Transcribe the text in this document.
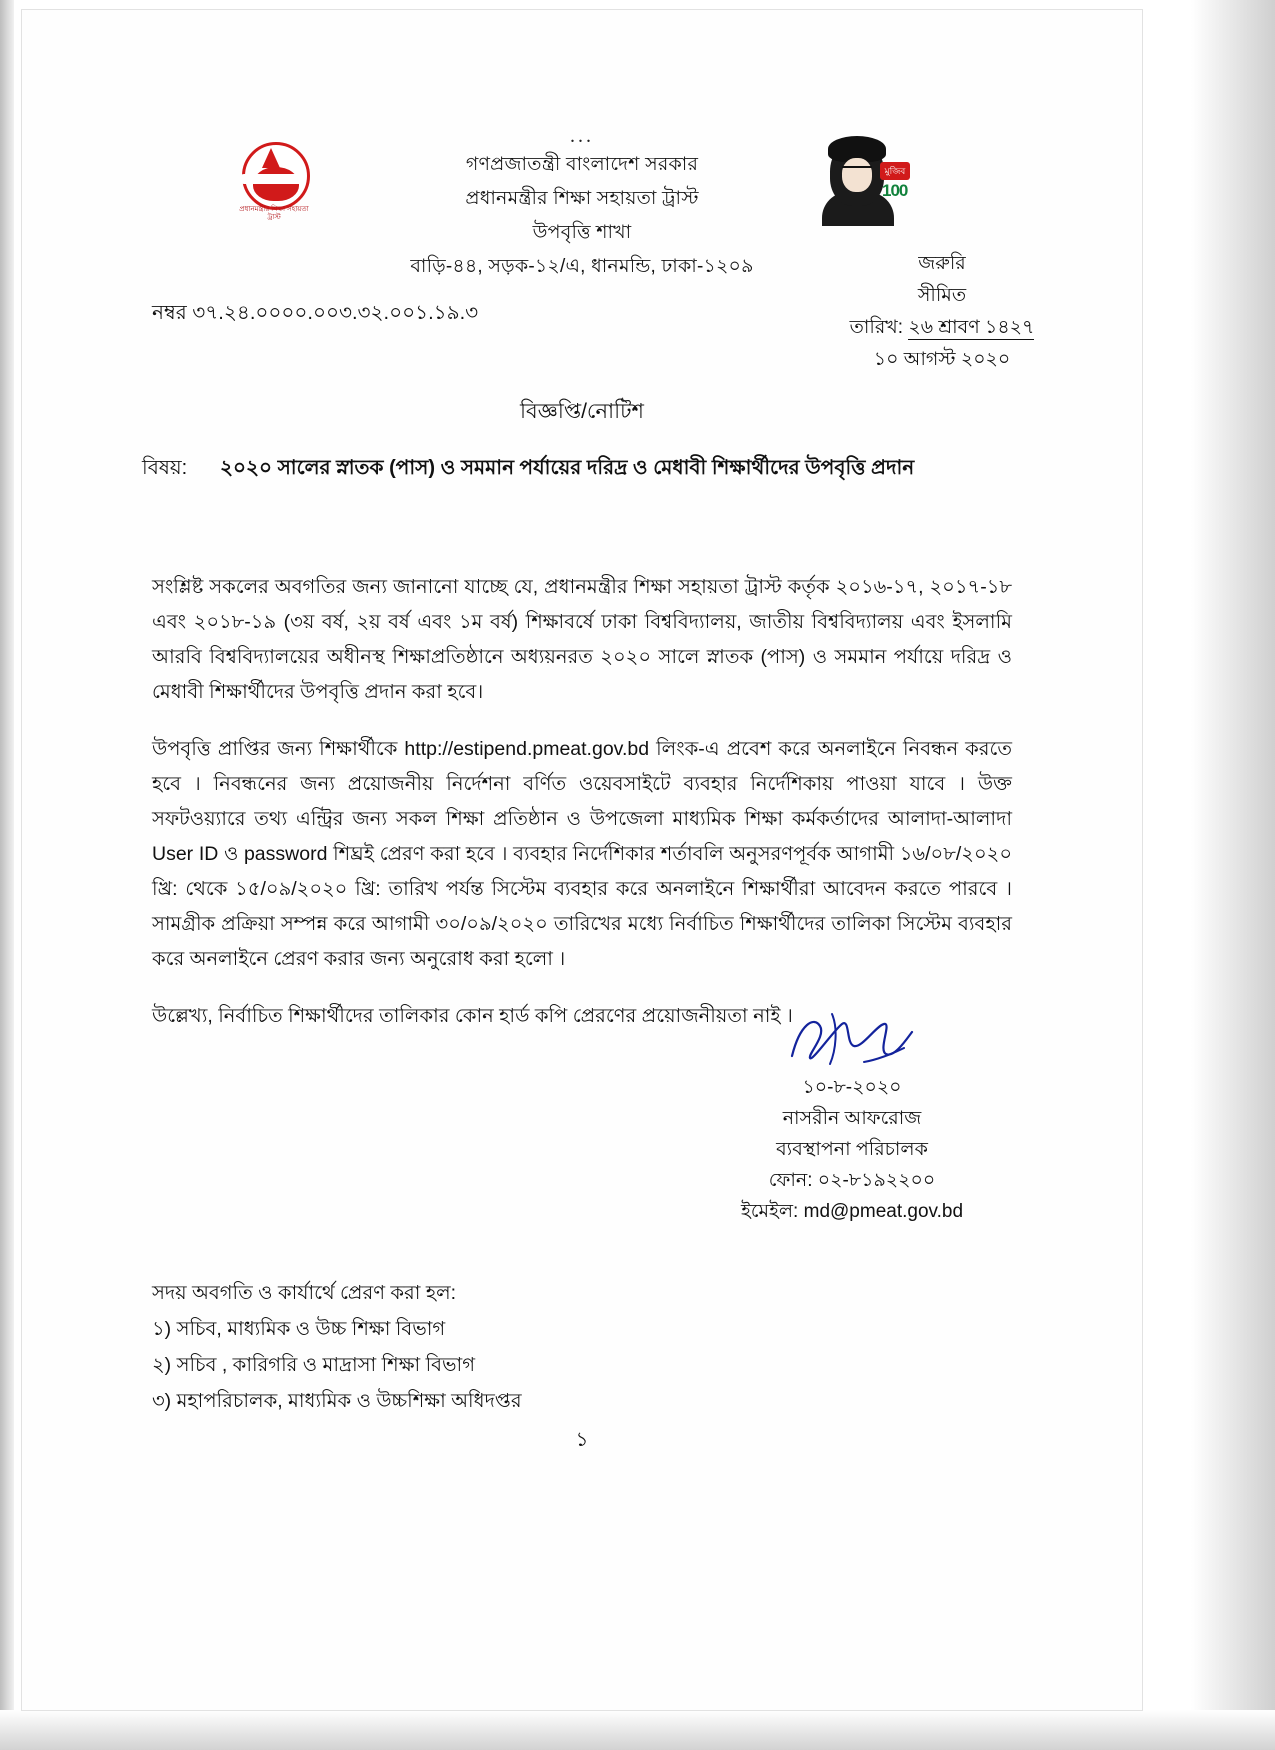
প্রধানমন্ত্রীর শিক্ষা সহায়তা ট্রাস্ট
মুজিব
100
...
গণপ্রজাতন্ত্রী বাংলাদেশ সরকার
প্রধানমন্ত্রীর শিক্ষা সহায়তা ট্রাস্ট
উপবৃত্তি শাখা
বাড়ি-৪৪, সড়ক-১২/এ, ধানমন্ডি, ঢাকা-১২০৯
নম্বর ৩৭.২৪.০০০০.০০৩.৩২.০০১.১৯.৩
জরুরি
সীমিত
তারিখ: ২৬ শ্রাবণ ১৪২৭
১০ আগস্ট ২০২০
বিজ্ঞপ্তি/নোটিশ
বিষয়: ২০২০ সালের স্নাতক (পাস) ও সমমান পর্যায়ের দরিদ্র ও মেধাবী শিক্ষার্থীদের উপবৃত্তি প্রদান

সংশ্লিষ্ট সকলের অবগতির জন্য জানানো যাচ্ছে যে, প্রধানমন্ত্রীর শিক্ষা সহায়তা ট্রাস্ট কর্তৃক ২০১৬-১৭, ২০১৭-১৮ এবং ২০১৮-১৯ (৩য় বর্ষ, ২য় বর্ষ এবং ১ম বর্ষ) শিক্ষাবর্ষে ঢাকা বিশ্ববিদ্যালয়, জাতীয় বিশ্ববিদ্যালয় এবং ইসলামি আরবি বিশ্ববিদ্যালয়ের অধীনস্থ শিক্ষাপ্রতিষ্ঠানে অধ্যয়নরত ২০২০ সালে স্নাতক (পাস) ও সমমান পর্যায়ে দরিদ্র ও মেধাবী শিক্ষার্থীদের উপবৃত্তি প্রদান করা হবে।

উপবৃত্তি প্রাপ্তির জন্য শিক্ষার্থীকে http://estipend.pmeat.gov.bd লিংক-এ প্রবেশ করে অনলাইনে নিবন্ধন করতে হবে । নিবন্ধনের জন্য প্রয়োজনীয় নির্দেশনা বর্ণিত ওয়েবসাইটে ব্যবহার নির্দেশিকায় পাওয়া যাবে । উক্ত সফটওয়্যারে তথ্য এন্ট্রির জন্য সকল শিক্ষা প্রতিষ্ঠান ও উপজেলা মাধ্যমিক শিক্ষা কর্মকর্তাদের আলাদা-আলাদা User ID ও password শিঘ্রই প্রেরণ করা হবে । ব্যবহার নির্দেশিকার শর্তাবলি অনুসরণপূর্বক আগামী ১৬/০৮/২০২০ খ্রি: থেকে ১৫/০৯/২০২০ খ্রি: তারিখ পর্যন্ত সিস্টেম ব্যবহার করে অনলাইনে শিক্ষার্থীরা আবেদন করতে পারবে । সামগ্রীক প্রক্রিয়া সম্পন্ন করে আগামী ৩০/০৯/২০২০ তারিখের মধ্যে নির্বাচিত শিক্ষার্থীদের তালিকা সিস্টেম ব্যবহার করে অনলাইনে প্রেরণ করার জন্য অনুরোধ করা হলো ।

উল্লেখ্য, নির্বাচিত শিক্ষার্থীদের তালিকার কোন হার্ড কপি প্রেরণের প্রয়োজনীয়তা নাই ।

১০-৮-২০২০
নাসরীন আফরোজ
ব্যবস্থাপনা পরিচালক
ফোন: ০২-৮১৯২২০০
ইমেইল: md@pmeat.gov.bd
সদয় অবগতি ও কার্যার্থে প্রেরণ করা হল:
১) সচিব, মাধ্যমিক ও উচ্চ শিক্ষা বিভাগ
২) সচিব , কারিগরি ও মাদ্রাসা শিক্ষা বিভাগ
৩) মহাপরিচালক, মাধ্যমিক ও উচ্চশিক্ষা অধিদপ্তর
১
